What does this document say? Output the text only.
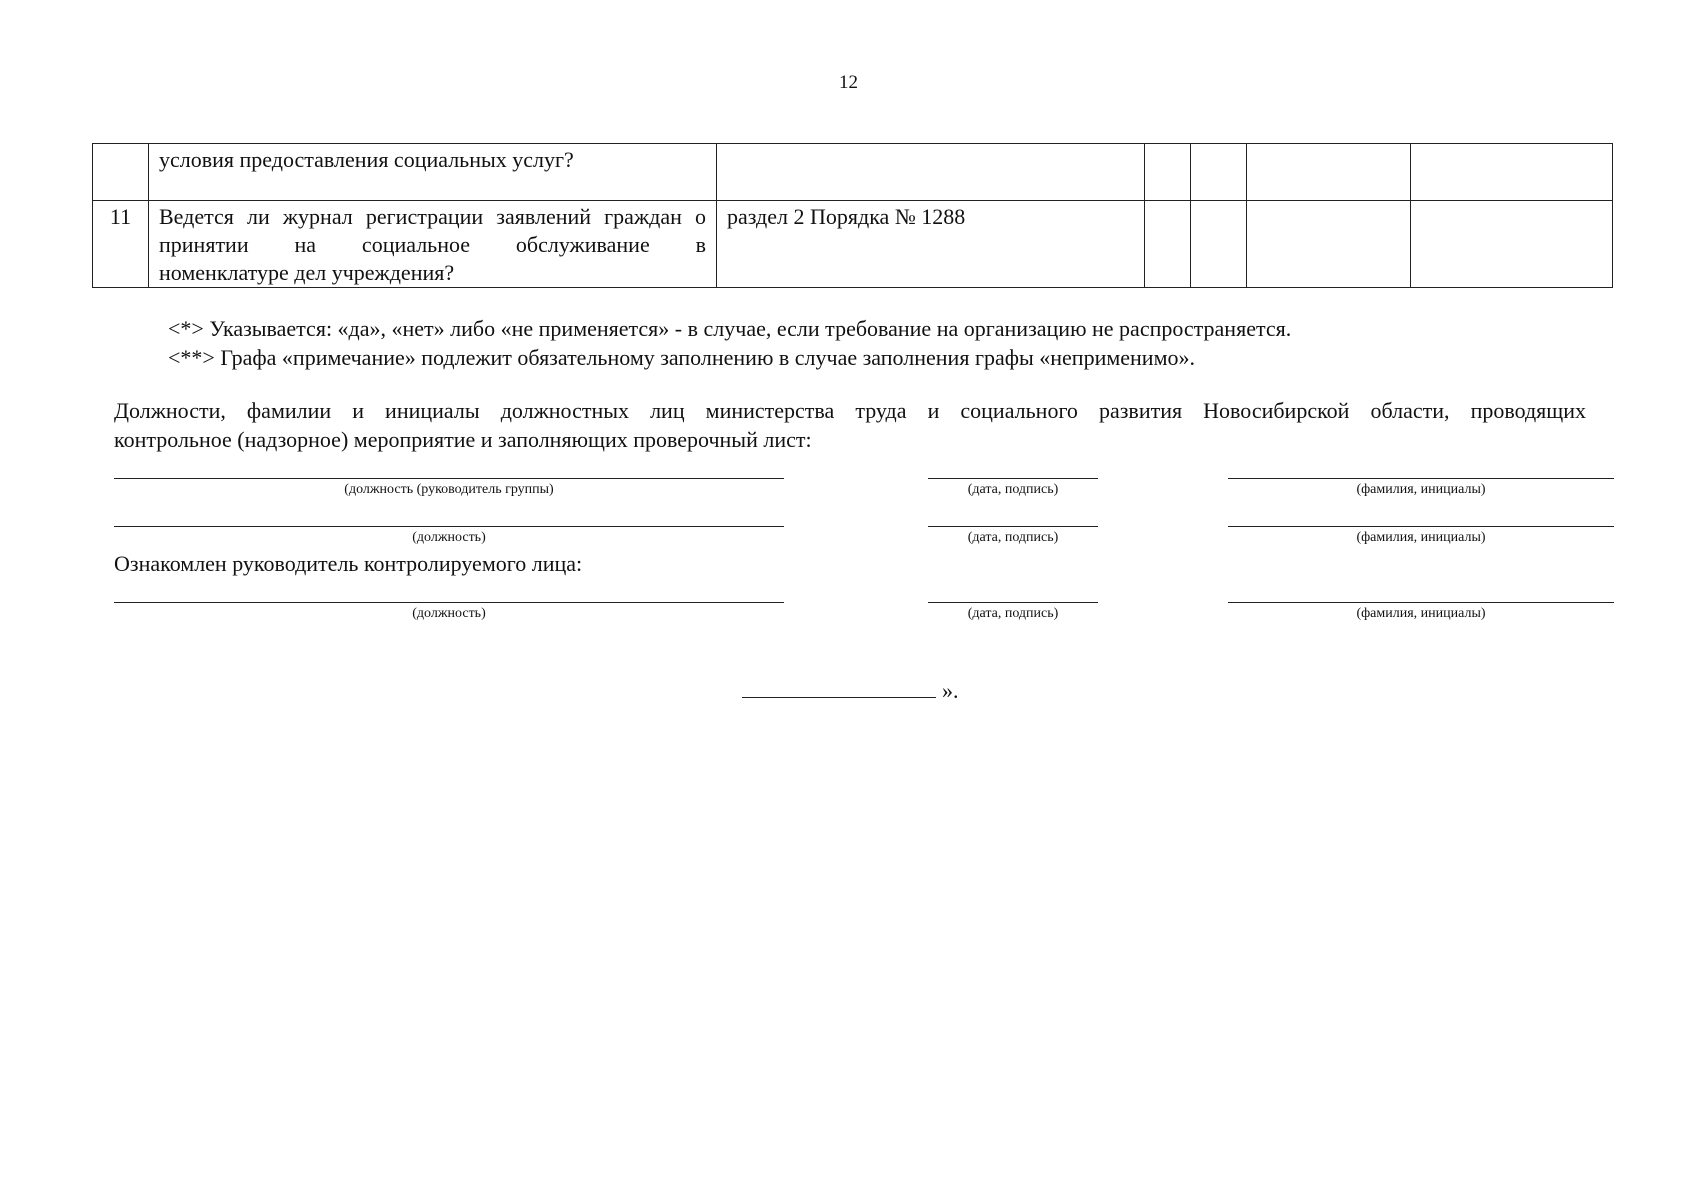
12
	условия предоставления социальных услуг?					
11	Ведется ли журнал регистрации заявлений граждан о
принятии на социальное обслуживание в
номенклатуре дел учреждения?	раздел 2 Порядка № 1288				
<*> Указывается: «да», «нет» либо «не применяется» - в случае, если требование на организацию не распространяется.
<**> Графа «примечание» подлежит обязательному заполнению в случае заполнения графы «неприменимо».
Должности, фамилии и инициалы должностных лиц министерства труда и социального развития Новосибирской области, проводящих
контрольное (надзорное) мероприятие и заполняющих проверочный лист:
(должность (руководитель группы)	(дата, подпись)	(фамилия, инициалы)
(должность)	(дата, подпись)	(фамилия, инициалы)
Ознакомлен руководитель контролируемого лица:
(должность)	(дата, подпись)	(фамилия, инициалы)
».
